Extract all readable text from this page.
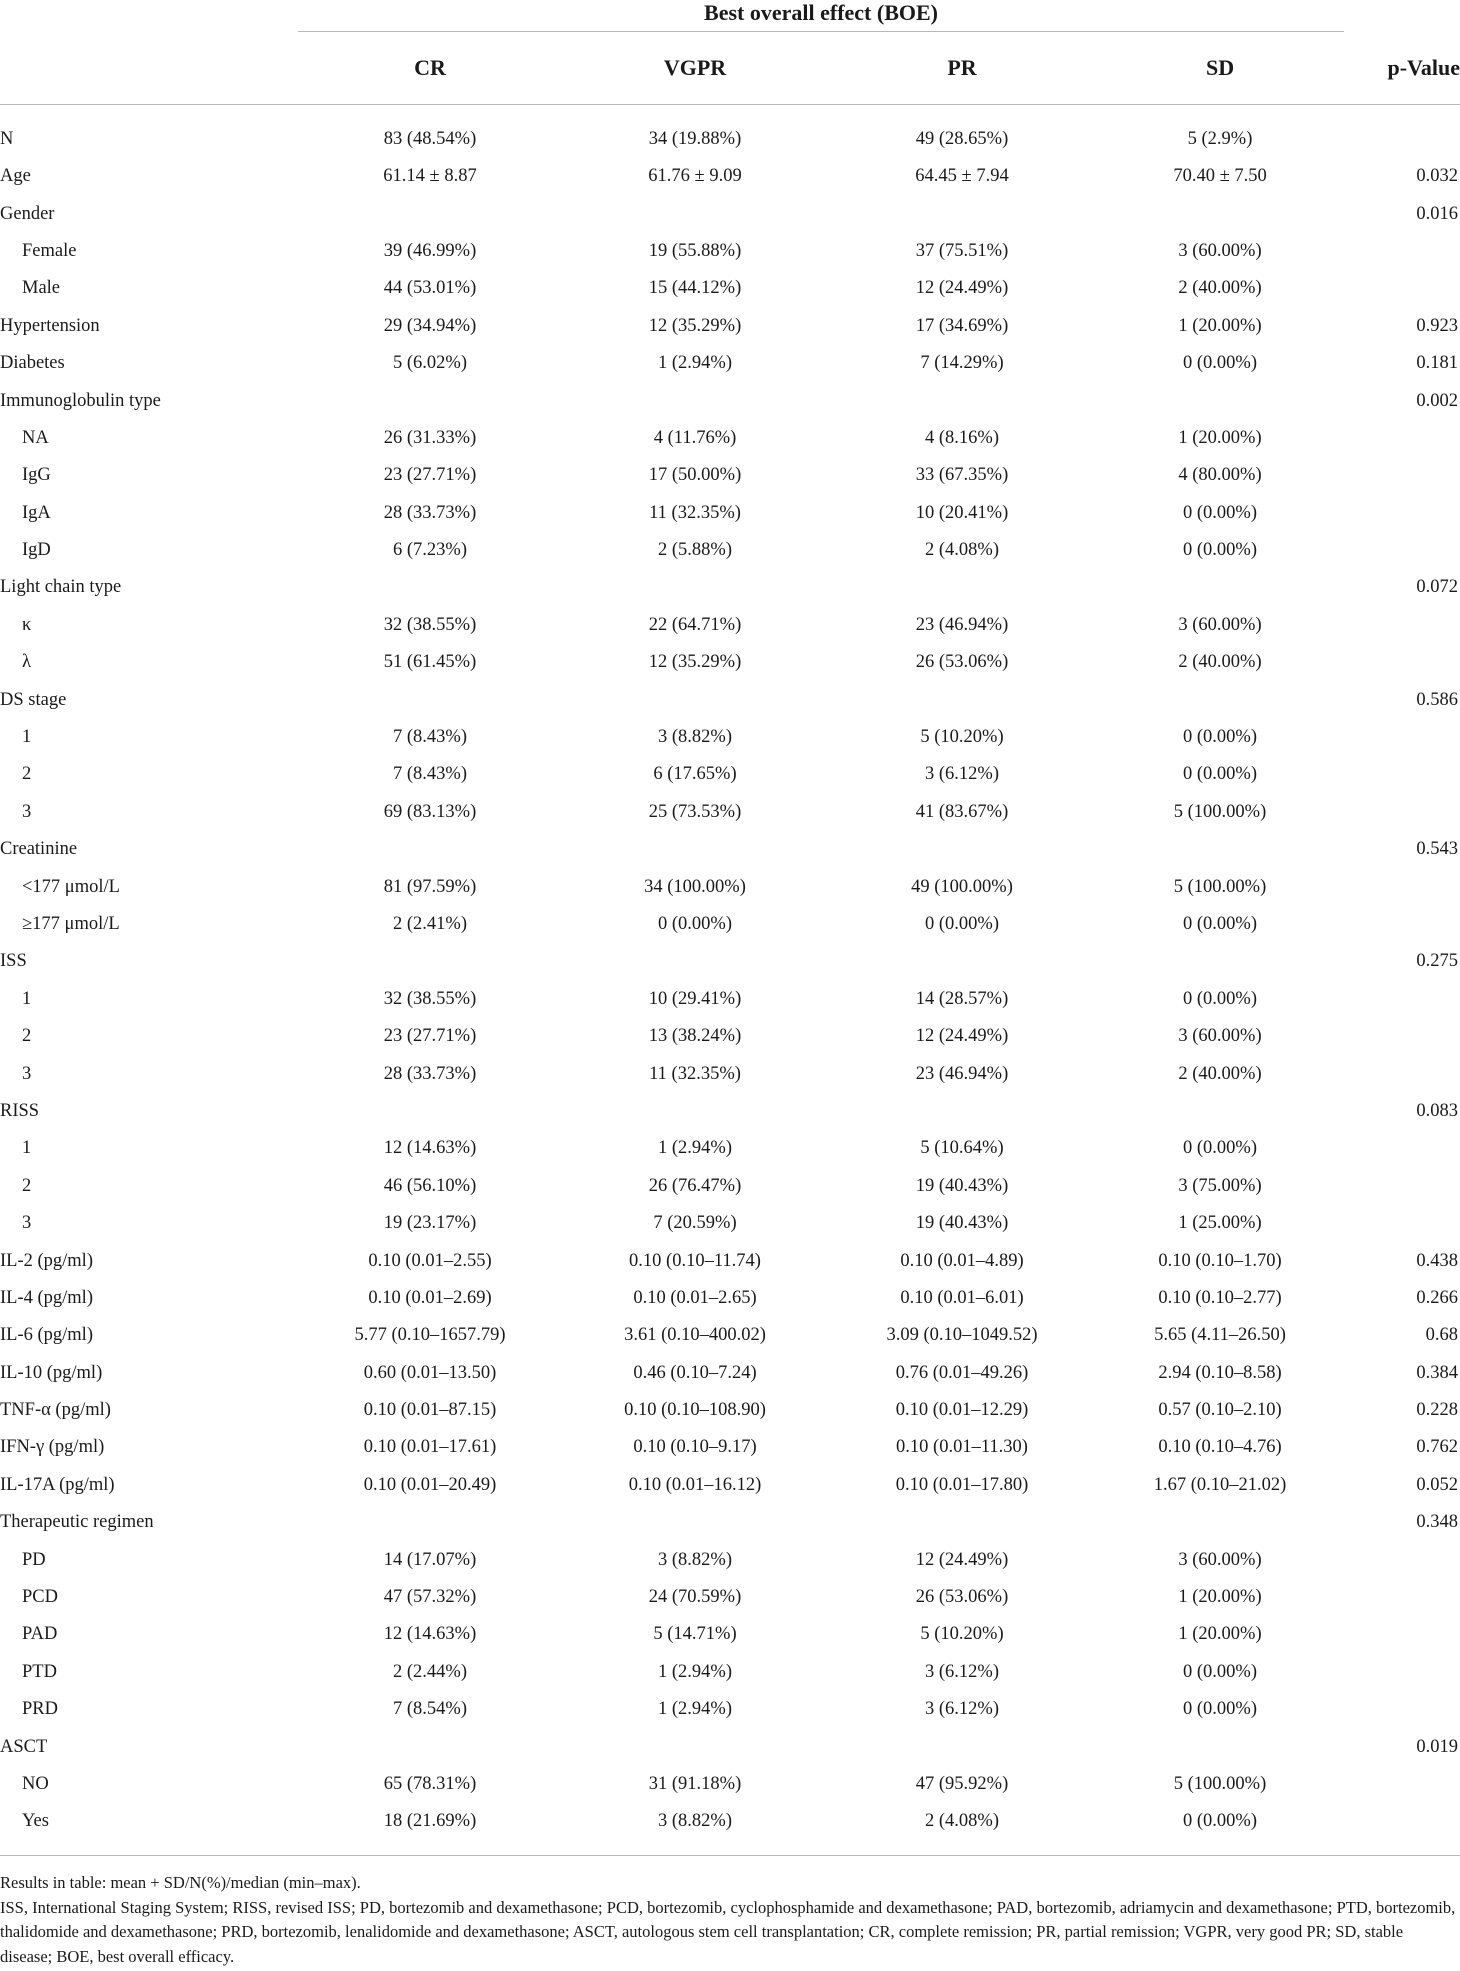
	Best overall effect (BOE)				
	CR	VGPR	PR	SD	p-Value
N	83 (48.54%)	34 (19.88%)	49 (28.65%)	5 (2.9%)	
Age	61.14 ± 8.87	61.76 ± 9.09	64.45 ± 7.94	70.40 ± 7.50	0.032
Gender					0.016
Female	39 (46.99%)	19 (55.88%)	37 (75.51%)	3 (60.00%)	
Male	44 (53.01%)	15 (44.12%)	12 (24.49%)	2 (40.00%)	
Hypertension	29 (34.94%)	12 (35.29%)	17 (34.69%)	1 (20.00%)	0.923
Diabetes	5 (6.02%)	1 (2.94%)	7 (14.29%)	0 (0.00%)	0.181
Immunoglobulin type					0.002
NA	26 (31.33%)	4 (11.76%)	4 (8.16%)	1 (20.00%)	
IgG	23 (27.71%)	17 (50.00%)	33 (67.35%)	4 (80.00%)	
IgA	28 (33.73%)	11 (32.35%)	10 (20.41%)	0 (0.00%)	
IgD	6 (7.23%)	2 (5.88%)	2 (4.08%)	0 (0.00%)	
Light chain type					0.072
κ	32 (38.55%)	22 (64.71%)	23 (46.94%)	3 (60.00%)	
λ	51 (61.45%)	12 (35.29%)	26 (53.06%)	2 (40.00%)	
DS stage					0.586
1	7 (8.43%)	3 (8.82%)	5 (10.20%)	0 (0.00%)	
2	7 (8.43%)	6 (17.65%)	3 (6.12%)	0 (0.00%)	
3	69 (83.13%)	25 (73.53%)	41 (83.67%)	5 (100.00%)	
Creatinine					0.543
<177 μmol/L	81 (97.59%)	34 (100.00%)	49 (100.00%)	5 (100.00%)	
≥177 μmol/L	2 (2.41%)	0 (0.00%)	0 (0.00%)	0 (0.00%)	
ISS					0.275
1	32 (38.55%)	10 (29.41%)	14 (28.57%)	0 (0.00%)	
2	23 (27.71%)	13 (38.24%)	12 (24.49%)	3 (60.00%)	
3	28 (33.73%)	11 (32.35%)	23 (46.94%)	2 (40.00%)	
RISS					0.083
1	12 (14.63%)	1 (2.94%)	5 (10.64%)	0 (0.00%)	
2	46 (56.10%)	26 (76.47%)	19 (40.43%)	3 (75.00%)	
3	19 (23.17%)	7 (20.59%)	19 (40.43%)	1 (25.00%)	
IL-2 (pg/ml)	0.10 (0.01–2.55)	0.10 (0.10–11.74)	0.10 (0.01–4.89)	0.10 (0.10–1.70)	0.438
IL-4 (pg/ml)	0.10 (0.01–2.69)	0.10 (0.01–2.65)	0.10 (0.01–6.01)	0.10 (0.10–2.77)	0.266
IL-6 (pg/ml)	5.77 (0.10–1657.79)	3.61 (0.10–400.02)	3.09 (0.10–1049.52)	5.65 (4.11–26.50)	0.68
IL-10 (pg/ml)	0.60 (0.01–13.50)	0.46 (0.10–7.24)	0.76 (0.01–49.26)	2.94 (0.10–8.58)	0.384
TNF-α (pg/ml)	0.10 (0.01–87.15)	0.10 (0.10–108.90)	0.10 (0.01–12.29)	0.57 (0.10–2.10)	0.228
IFN-γ (pg/ml)	0.10 (0.01–17.61)	0.10 (0.10–9.17)	0.10 (0.01–11.30)	0.10 (0.10–4.76)	0.762
IL-17A (pg/ml)	0.10 (0.01–20.49)	0.10 (0.01–16.12)	0.10 (0.01–17.80)	1.67 (0.10–21.02)	0.052
Therapeutic regimen					0.348
PD	14 (17.07%)	3 (8.82%)	12 (24.49%)	3 (60.00%)	
PCD	47 (57.32%)	24 (70.59%)	26 (53.06%)	1 (20.00%)	
PAD	12 (14.63%)	5 (14.71%)	5 (10.20%)	1 (20.00%)	
PTD	2 (2.44%)	1 (2.94%)	3 (6.12%)	0 (0.00%)	
PRD	7 (8.54%)	1 (2.94%)	3 (6.12%)	0 (0.00%)	
ASCT					0.019
NO	65 (78.31%)	31 (91.18%)	47 (95.92%)	5 (100.00%)	
Yes	18 (21.69%)	3 (8.82%)	2 (4.08%)	0 (0.00%)	

Results in table: mean + SD/N(%)/median (min–max).

ISS, International Staging System; RISS, revised ISS; PD, bortezomib and dexamethasone; PCD, bortezomib, cyclophosphamide and dexamethasone; PAD, bortezomib, adriamycin and dexamethasone; PTD, bortezomib, thalidomide and dexamethasone; PRD, bortezomib, lenalidomide and dexamethasone; ASCT, autologous stem cell transplantation; CR, complete remission; PR, partial remission; VGPR, very good PR; SD, stable disease; BOE, best overall efficacy.
